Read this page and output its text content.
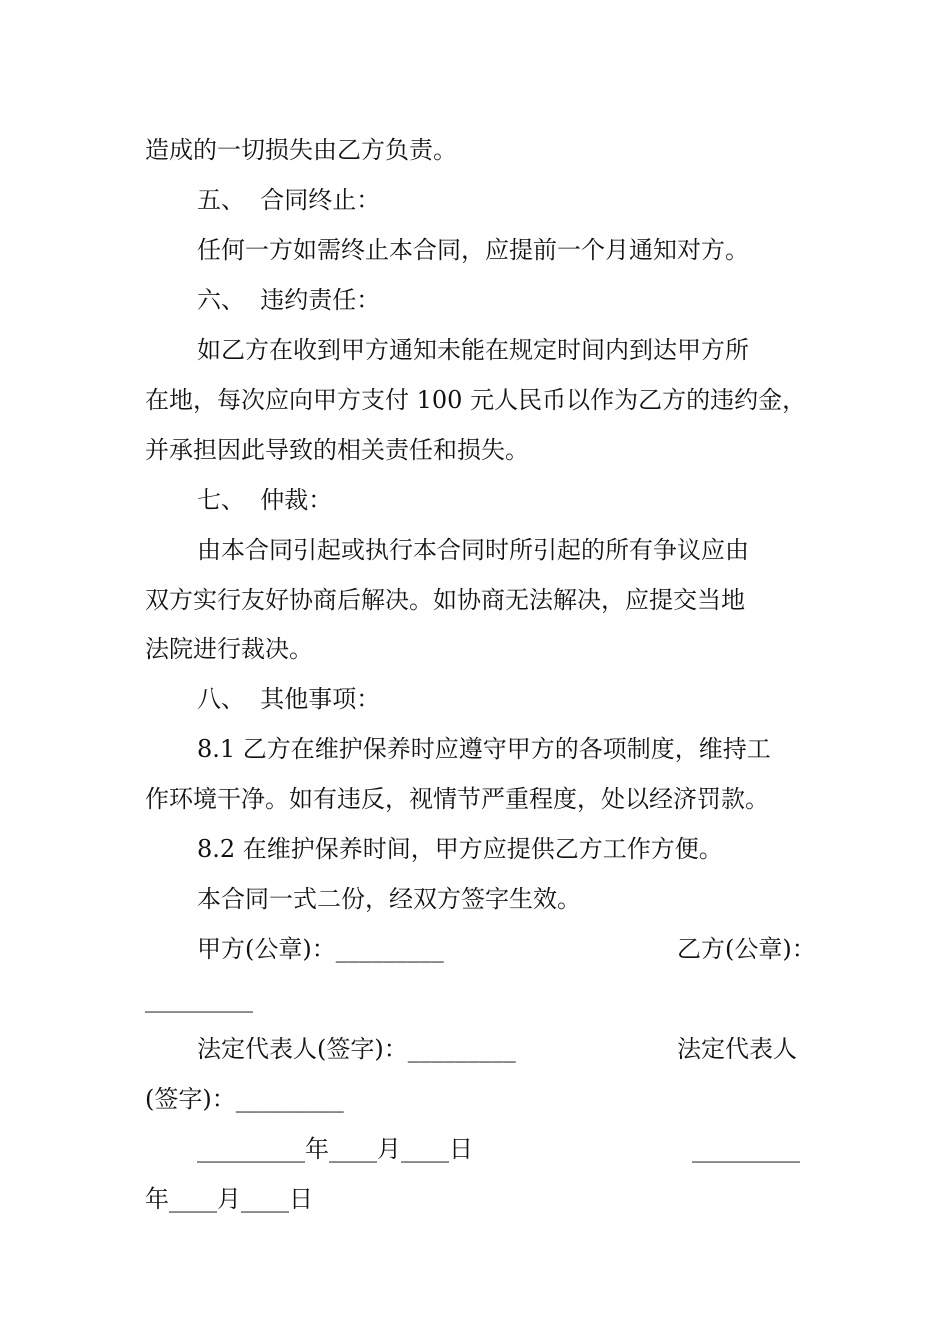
造成的一切损失由乙方负责。
五、  合同终止：
任何一方如需终止本合同，应提前一个月通知对方。
六、  违约责任：
如乙方在收到甲方通知未能在规定时间内到达甲方所
在地，每次应向甲方支付 100 元人民币以作为乙方的违约金，
并承担因此导致的相关责任和损失。
七、  仲裁：
由本合同引起或执行本合同时所引起的所有争议应由
双方实行友好协商后解决。如协商无法解决，应提交当地
法院进行裁决。
八、  其他事项：
8.1 乙方在维护保养时应遵守甲方的各项制度，维持工
作环境干净。如有违反，视情节严重程度，处以经济罚款。
8.2 在维护保养时间，甲方应提供乙方工作方便。
本合同一式二份，经双方签字生效。
甲方(公章)：_________	乙方(公章)：
_________
法定代表人(签字)：_________	法定代表人
(签字)：_________
_________年____月____日	_________
年____月____日
